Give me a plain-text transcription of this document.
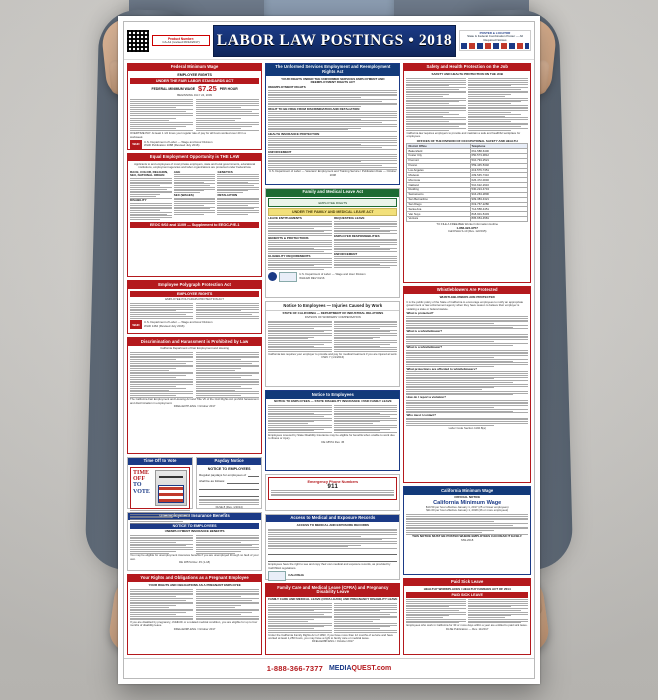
Product Number:
CA-A1 (revised 06/12/2017)	LABOR LAW POSTINGS • 2018	POSTER & LOCATOR
State & Federal Combination Poster — All Required Notices
Federal Minimum Wage
EMPLOYEE RIGHTS
UNDER THE FAIR LABOR STANDARDS ACT
FEDERAL MINIMUM WAGE $7.25 PER HOUR
BEGINNING JULY 24, 2009
OVERTIME PAY: At least 1 1/2 times your regular rate of pay for all hours worked over 40 in a workweek.
WHD
U.S. Department of Labor — Wage and Hour Division
WHD Publication 1088 (Revised July 2016)
Equal Employment Opportunity is THE LAW
Applicants to and employees of most private employers, state and local governments, educational institutions, employment agencies and labor organizations are protected under Federal law
RACE, COLOR, RELIGION, SEX, NATIONAL ORIGIN
DISABILITY
AGE
SEX (WAGES)
GENETICS
RETALIATION
EEOC 9/02 and 11/09 — Supplement to EEOC-P/E-1
Employee Polygraph Protection Act
EMPLOYEE RIGHTS
EMPLOYEE POLYGRAPH PROTECTION ACT
WHD
U.S. Department of Labor — Wage and Hour Division
WHD 1462 (Revised July 2016)
Discrimination and Harassment is Prohibited by Law
California Department of Fair Employment and Housing
The California Fair Employment and Housing Act and Title VII of the Civil Rights Act prohibit harassment and discrimination in employment.
DFEH-E07P-ENG / October 2017
Time Off to Vote
TIME OFF
TO VOTE
Payday Notice
NOTICE TO EMPLOYEES
Regular paydays for employees of
shall be as follows:
DLSE 8 (Rev. 1/2014)
Unemployment Insurance Benefits
NOTICE TO EMPLOYEES
UNEMPLOYMENT INSURANCE BENEFITS
You may be eligible for unemployment insurance benefits if you are unemployed through no fault of your own.
DE 1857A Rev. 45 (1-18)
Your Rights and Obligations as a Pregnant Employee
YOUR RIGHTS AND OBLIGATIONS AS A PREGNANT EMPLOYEE
If you are disabled by pregnancy, childbirth or a related medical condition, you are eligible for up to four months of disability leave.
DFEH-E09P-ENG / October 2017
The Unformed Services Employment and Reemployment Rights Act
YOUR RIGHTS UNDER THE UNIFORMED SERVICES EMPLOYMENT AND REEMPLOYMENT RIGHTS ACT
REEMPLOYMENT RIGHTS
RIGHT TO BE FREE FROM DISCRIMINATION AND RETALIATION
HEALTH INSURANCE PROTECTION
ENFORCEMENT
U.S. Department of Labor — Veterans' Employment and Training Service / Publication Date — October 2008
Family and Medical Leave Act
EMPLOYEE RIGHTS
UNDER THE FAMILY AND MEDICAL LEAVE ACT
LEAVE ENTITLEMENTS
BENEFITS & PROTECTIONS
ELIGIBILITY REQUIREMENTS
REQUESTING LEAVE
EMPLOYER RESPONSIBILITIES
ENFORCEMENT
U.S. Department of Labor — Wage and Hour Division
WH1420 REV 04/16
Notice to Employees — Injuries Caused by Work
STATE OF CALIFORNIA — DEPARTMENT OF INDUSTRIAL RELATIONS
DIVISION OF WORKERS' COMPENSATION
California law requires your employer to provide and pay for medical treatment if you are injured at work.
DWC 7 (1/1/2016)
Notice to Employees
NOTICE TO EMPLOYEES — STATE DISABILITY INSURANCE / PAID FAMILY LEAVE
Employees covered by State Disability Insurance may be eligible for benefits when unable to work due to illness or injury.
DE 1857A Rev. 45
Emergency Phone Numbers
911
Access to Medical and Exposure Records
ACCESS TO MEDICAL AND EXPOSURE RECORDS
Employees have the right to see and copy their own medical and exposure records, as provided by Cal/OSHA regulations.
CAL/OSHA
Family Care and Medical Leave (CFRA) and Pregnancy Disability Leave
FAMILY CARE AND MEDICAL LEAVE (CFRA LEAVE) AND PREGNANCY DISABILITY LEAVE
Under the California Family Rights Act of 1993, if you have more than 12 months of service and have worked at least 1,250 hours, you may have a right to family care or medical leave.
DFEH-E08P-ENG / October 2017
Safety and Health Protection on the Job
SAFETY AND HEALTH PROTECTION ON THE JOB
California law requires employers to provide and maintain a safe and healthful workplace for employees.
OFFICES OF THE DIVISION OF OCCUPATIONAL SAFETY AND HEALTH
District Office	Telephone
Bakersfield	661-588-6400
Foster City	650-573-3812
Fremont	510-794-2521
Fresno	559-445-5302
Los Angeles	213-576-7451
Modesto	209-545-7310
Monrovia	626-472-0046
Oakland	510-622-2916
Redding	530-224-4743
Sacramento	916-263-2800
San Bernardino	909-383-4321
San Diego	619-767-2280
Santa Ana	714-558-4451
Van Nuys	818-901-5403
Ventura	805-654-4581
TO FILE A FREE-BEE Worker Information Hotline
1-866-924-9757
Cal/OSHA S-10 (Rev. 12/2015)
Whistleblowers Are Protected
WHISTLEBLOWERS ARE PROTECTED
It is the public policy of the State of California to encourage employees to notify an appropriate government or law enforcement agency when they have reason to believe their employer is violating a state or federal statute.
What is protected?
What is a whistleblower?
What is a whistleblower?
What protections are afforded to whistleblowers?
How do I report a violation?
Who must I contact?
Labor Code Section 1102.8(a)
California Minimum Wage
OFFICIAL NOTICE
California Minimum Wage
$10.50 per hour effective January 1, 2017 (25 or fewer employees)
$11.00 per hour effective January 1, 2018 (26 or more employees)
THIS NOTICE MUST BE POSTED WHERE EMPLOYEES CAN READ IT EASILY.
MW-2018
Paid Sick Leave
HEALTHY WORKPLACES / HEALTHY FAMILIES ACT OF 2014
PAID SICK LEAVE
Employees who work in California for 30 or more days within a year are entitled to paid sick leave.
DLSE Publication — Rev. 11/2017
1-888-366-7377 MEDIAQUEST.com
